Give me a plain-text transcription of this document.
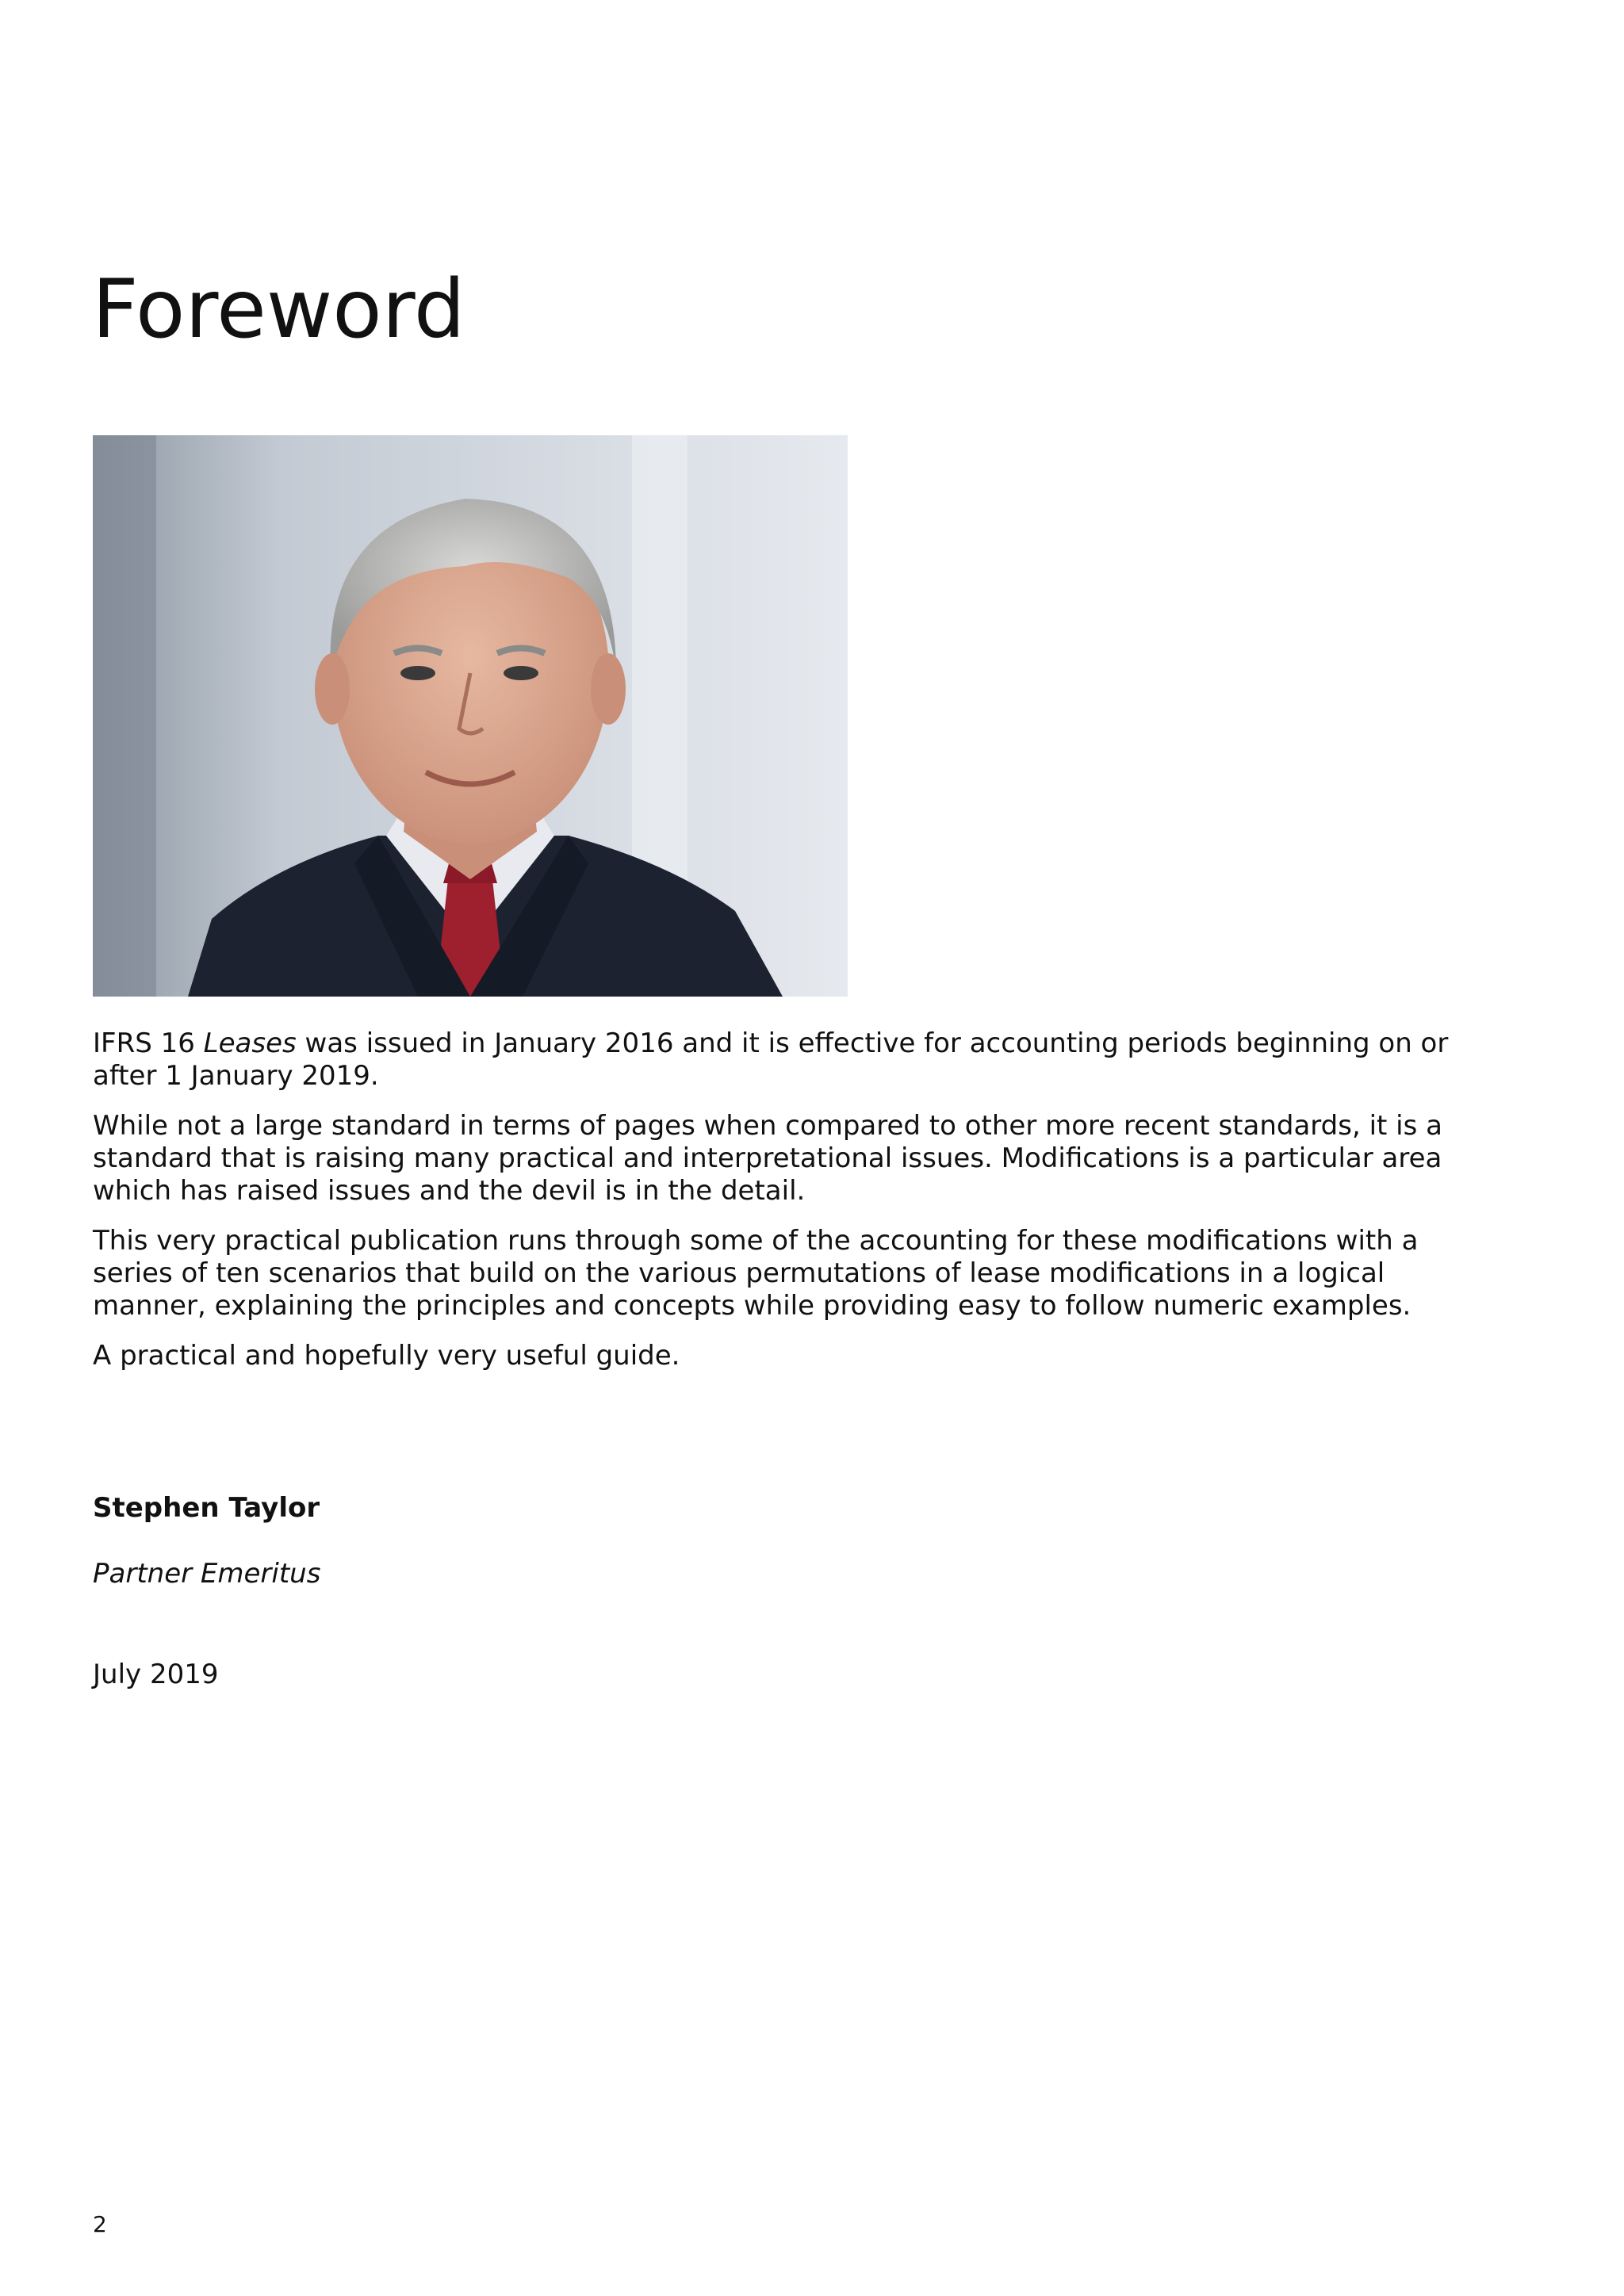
Foreword

IFRS 16 Leases was issued in January 2016 and it is effective for accounting periods beginning on or after 1 January 2019.

While not a large standard in terms of pages when compared to other more recent standards, it is a standard that is raising many practical and interpretational issues. Modifications is a particular area which has raised issues and the devil is in the detail.

This very practical publication runs through some of the accounting for these modifications with a series of ten scenarios that build on the various permutations of lease modifications in a logical manner, explaining the principles and concepts while providing easy to follow numeric examples.

A practical and hopefully very useful guide.

Stephen Taylor
Partner Emeritus
July 2019
2
